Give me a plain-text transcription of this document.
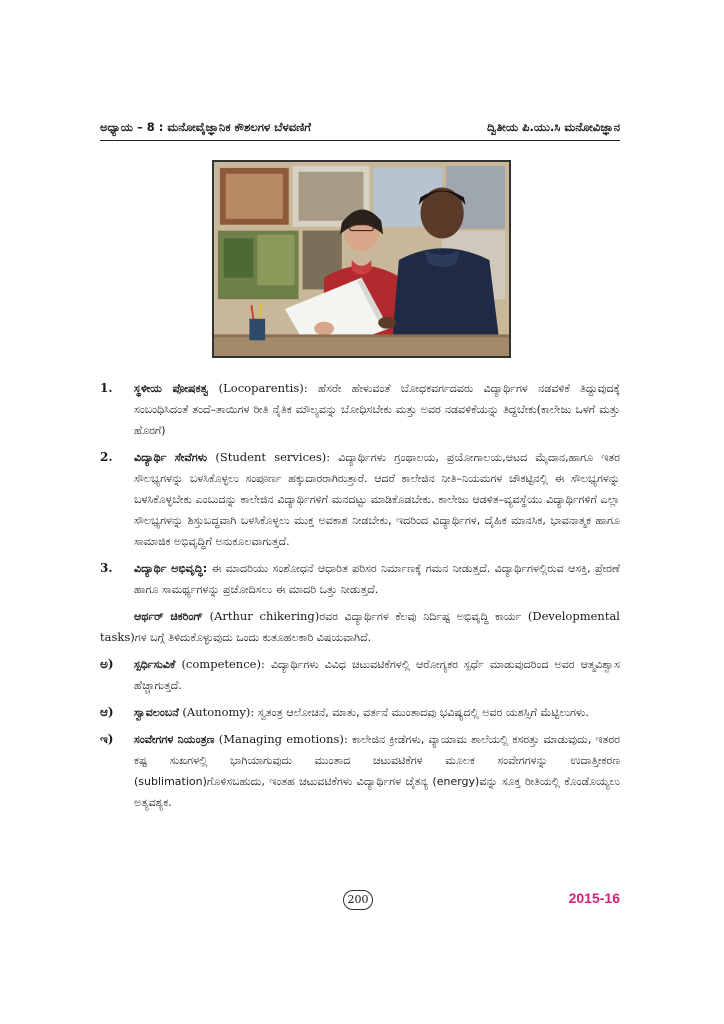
ಅಧ್ಯಾಯ – 8 : ಮನೋವೈಜ್ಞಾನಿಕ ಕೌಶಲಗಳ ಬೆಳವಣಿಗೆ	ದ್ವಿತೀಯ ಪಿ.ಯು.ಸಿ ಮನೋವಿಜ್ಞಾನ
1. ಸ್ಥಳೀಯ ಪೋಷಕತ್ವ (Locoparentis): ಹೆಸರೇ ಹೇಳುವಂತೆ ಬೋಧಕವರ್ಗದವರು ವಿದ್ಯಾರ್ಥಿಗಳ ನಡವಳಿಕೆ ತಿದ್ದುವುದಕ್ಕೆ ಸಂಬಂಧಿಸಿದಂತೆ ತಂದೆ–ತಾಯಿಗಳ ರೀತಿ ನೈತಿಕ ಮೌಲ್ಯವನ್ನು ಬೋಧಿಸಬೇಕು ಮತ್ತು ಅವರ ನಡವಳಿಕೆಯನ್ನು ತಿದ್ದಬೇಕು(ಕಾಲೇಜು ಒಳಗೆ ಮತ್ತು ಹೊರಗೆ)
2. ವಿದ್ಯಾರ್ಥಿ ಸೇವೆಗಳು (Student services): ವಿದ್ಯಾರ್ಥಿಗಳು ಗ್ರಂಥಾಲಯ, ಪ್ರಯೋಗಾಲಯ,ಆಟದ ಮೈದಾನ,ಹಾಗೂ ಇತರ ಸೌಲಭ್ಯಗಳನ್ನು ಬಳಸಿಕೊಳ್ಳಲು ಸಂಪೂರ್ಣ ಹಕ್ಕುದಾರರಾಗಿರುತ್ತಾರೆ. ಆದರೆ ಕಾಲೇಜಿನ ನೀತಿ–ನಿಯಮಗಳ ಚೌಕಟ್ಟಿನಲ್ಲಿ ಈ ಸೌಲಭ್ಯಗಳನ್ನು ಬಳಸಿಕೊಳ್ಳಬೇಕು ಎಂಬುದನ್ನು ಕಾಲೇಜಿನ ವಿದ್ಯಾರ್ಥಿಗಳಿಗೆ ಮನದಟ್ಟು ಮಾಡಿಕೊಡಬೇಕು. ಕಾಲೇಜು ಆಡಳಿತ–ವ್ಯವಸ್ಥೆಯು ವಿದ್ಯಾರ್ಥಿಗಳಿಗೆ ಎಲ್ಲಾ ಸೌಲಭ್ಯಗಳನ್ನು ಶಿಸ್ತುಬದ್ಧವಾಗಿ ಬಳಸಿಕೊಳ್ಳಲು ಮುಕ್ತ ಅವಕಾಶ ನೀಡಬೇಕು, ಇದರಿಂದ ವಿದ್ಯಾರ್ಥಿಗಳ, ದೈಹಿಕ ಮಾನಸಿಕ, ಭಾವನಾತ್ಮಕ ಹಾಗೂ ಸಾಮಾಜಿಕ ಅಭಿವೃದ್ಧಿಗೆ ಅನುಕೂಲವಾಗುತ್ತದೆ.
3. ವಿದ್ಯಾರ್ಥಿ ಅಭಿವೃದ್ಧಿ: ಈ ಮಾದರಿಯು ಸಂಶೋಧನೆ ಆಧಾರಿತ ಪರಿಸರ ನಿರ್ಮಾಣಕ್ಕೆ ಗಮನ ನೀಡುತ್ತದೆ. ವಿದ್ಯಾರ್ಥಿಗಳಲ್ಲಿರುವ ಆಸಕ್ತಿ, ಪ್ರೇರಣೆ ಹಾಗೂ ಸಾಮರ್ಥ್ಯಗಳನ್ನು ಪ್ರಚೋದಿಸಲು ಈ ಮಾದರಿ ಒತ್ತು ನೀಡುತ್ತದೆ.
ಆರ್ಥರ್ ಚಿಕರಿಂಗ್ (Arthur chikering)ರವರ ವಿದ್ಯಾರ್ಥಿಗಳ ಕೆಲವು ನಿರ್ದಿಷ್ಟ ಅಭಿವೃದ್ಧಿ ಕಾರ್ಯ (Developmental tasks)ಗಳ ಬಗ್ಗೆ ತಿಳಿದುಕೊಳ್ಳುವುದು ಒಂದು ಕುತೂಹಲಕಾರಿ ವಿಷಯವಾಗಿದೆ.
ಅ) ಸ್ಪರ್ಧಿಸುವಿಕೆ (competence): ವಿದ್ಯಾರ್ಥಿಗಳು ವಿವಿಧ ಚಟುವಟಿಕೆಗಳಲ್ಲಿ ಆರೋಗ್ಯಕರ ಸ್ಪರ್ಧೆ ಮಾಡುವುದರಿಂದ ಅವರ ಆತ್ಮವಿಶ್ವಾಸ ಹೆಚ್ಚಾಗುತ್ತದೆ.
ಆ) ಸ್ವಾವಲಂಬನೆ (Autonomy): ಸ್ವತಂತ್ರ ಆಲೋಚನೆ, ಮಾತು, ವರ್ತನೆ ಮುಂತಾದವು ಭವಿಷ್ಯದಲ್ಲಿ ಅವರ ಯಶಸ್ಸಿಗೆ ಮೆಟ್ಟಿಲುಗಳು.
ಇ) ಸಂವೇಗಗಳ ನಿಯಂತ್ರಣ (Managing emotions): ಕಾಲೇಜಿನ ಕ್ರೀಡೆಗಳು, ವ್ಯಾಯಾಮ ಶಾಲೆಯಲ್ಲಿ ಕಸರತ್ತು ಮಾಡುವುದು, ಇತರರ ಕಷ್ಟ ಸುಖಗಳಲ್ಲಿ ಭಾಗಿಯಾಗುವುದು ಮುಂತಾದ ಚಟುವಟಿಕೆಗಳ ಮೂಲಕ ಸಂವೇಗಗಳನ್ನು ಉದಾತ್ತೀಕರಣ (sublimation)ಗೊಳಿಸಬಹುದು, ಇಂತಹ ಚಟುವಟಿಕೆಗಳು ವಿದ್ಯಾರ್ಥಿಗಳ ಚೈತನ್ಯ (energy)ವನ್ನು ಸೂಕ್ತ ರೀತಿಯಲ್ಲಿ ಕೊಂಡೊಯ್ಯಲು ಅತ್ಯವಶ್ಯಕ.
200	2015-16
